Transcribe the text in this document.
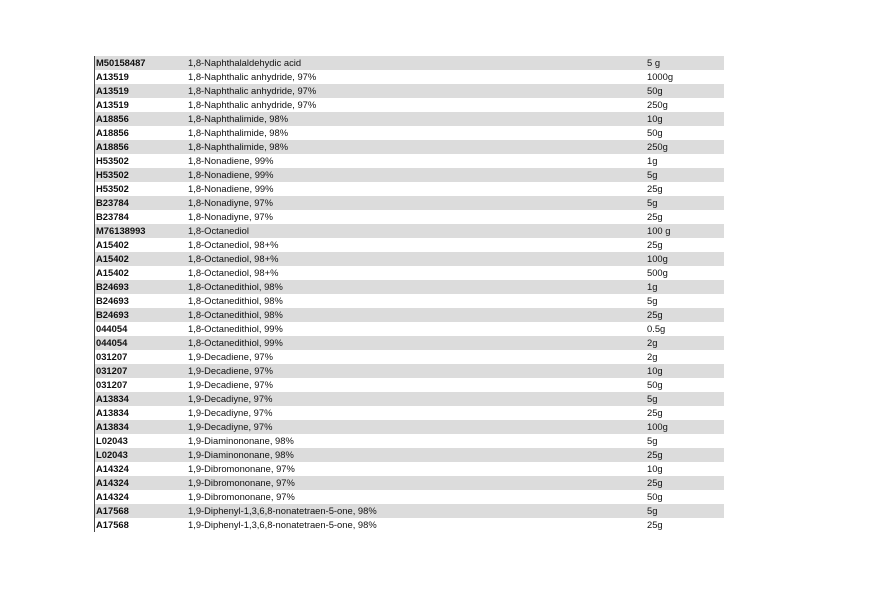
M50158487	1,8-Naphthalaldehydic acid	5 g
A13519	1,8-Naphthalic anhydride, 97%	1000g
A13519	1,8-Naphthalic anhydride, 97%	50g
A13519	1,8-Naphthalic anhydride, 97%	250g
A18856	1,8-Naphthalimide, 98%	10g
A18856	1,8-Naphthalimide, 98%	50g
A18856	1,8-Naphthalimide, 98%	250g
H53502	1,8-Nonadiene, 99%	1g
H53502	1,8-Nonadiene, 99%	5g
H53502	1,8-Nonadiene, 99%	25g
B23784	1,8-Nonadiyne, 97%	5g
B23784	1,8-Nonadiyne, 97%	25g
M76138993	1,8-Octanediol	100 g
A15402	1,8-Octanediol, 98+%	25g
A15402	1,8-Octanediol, 98+%	100g
A15402	1,8-Octanediol, 98+%	500g
B24693	1,8-Octanedithiol, 98%	1g
B24693	1,8-Octanedithiol, 98%	5g
B24693	1,8-Octanedithiol, 98%	25g
044054	1,8-Octanedithiol, 99%	0.5g
044054	1,8-Octanedithiol, 99%	2g
031207	1,9-Decadiene, 97%	2g
031207	1,9-Decadiene, 97%	10g
031207	1,9-Decadiene, 97%	50g
A13834	1,9-Decadiyne, 97%	5g
A13834	1,9-Decadiyne, 97%	25g
A13834	1,9-Decadiyne, 97%	100g
L02043	1,9-Diaminononane, 98%	5g
L02043	1,9-Diaminononane, 98%	25g
A14324	1,9-Dibromononane, 97%	10g
A14324	1,9-Dibromononane, 97%	25g
A14324	1,9-Dibromononane, 97%	50g
A17568	1,9-Diphenyl-1,3,6,8-nonatetraen-5-one, 98%	5g
A17568	1,9-Diphenyl-1,3,6,8-nonatetraen-5-one, 98%	25g
